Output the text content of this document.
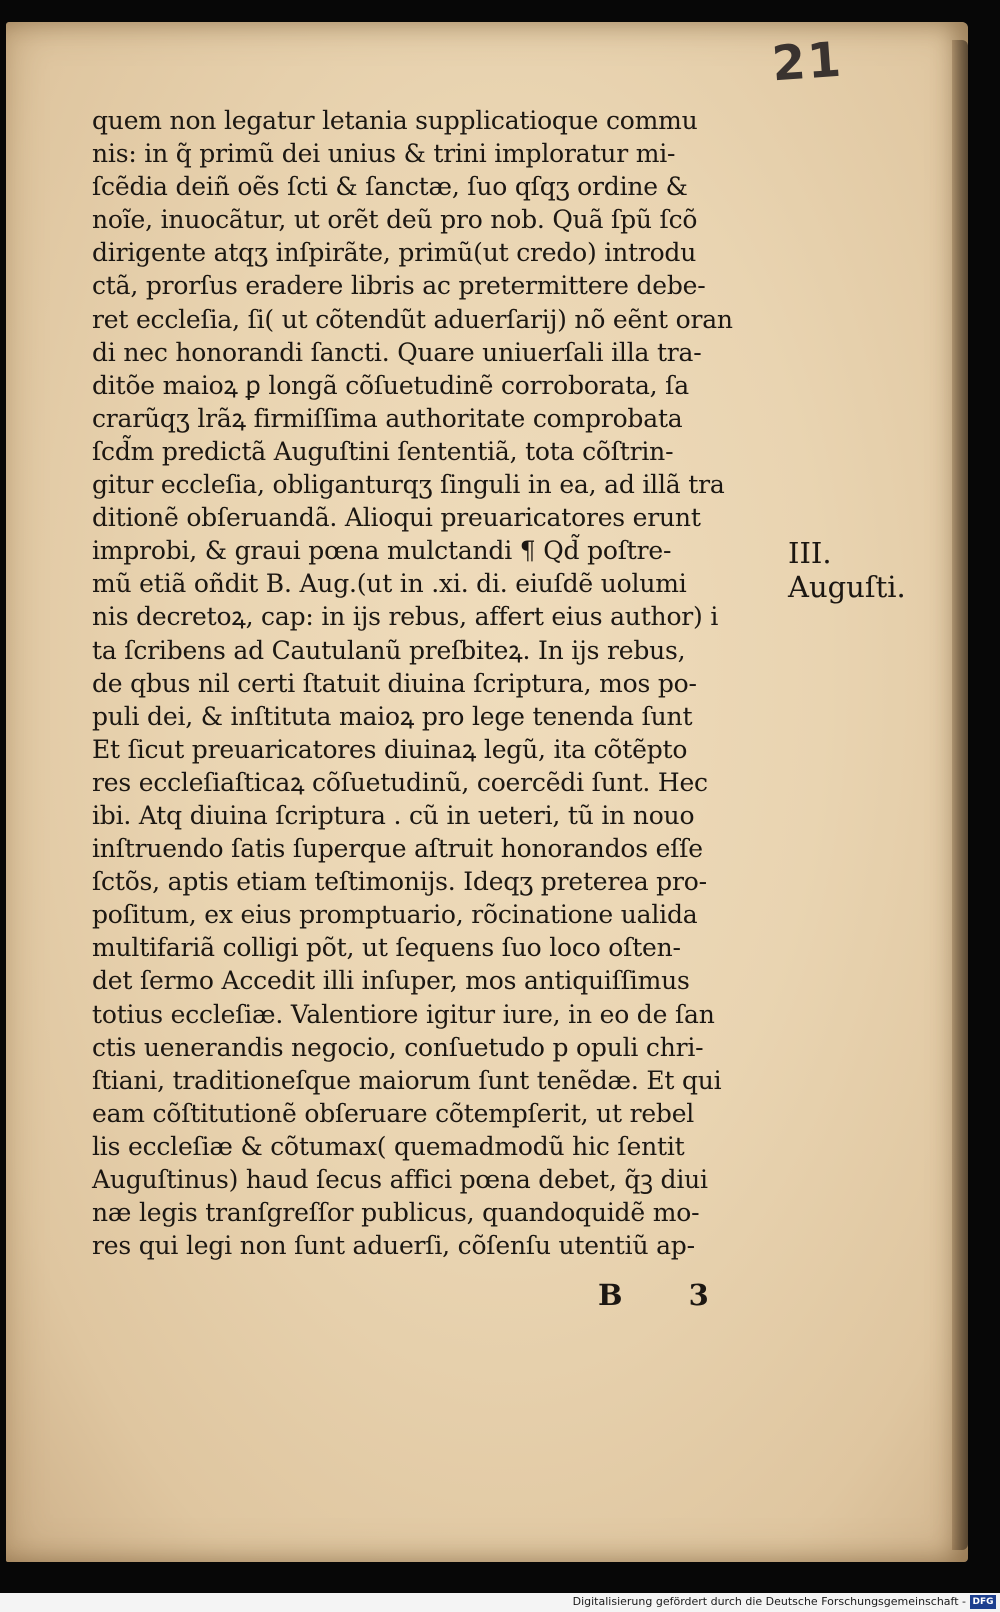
21
quem non legatur letania supplicatioque commu
nis: in q̃ primũ dei unius & trini imploratur mi-
ſcẽdia deiñ oẽs ſcti & ſanctæ, ſuo qſqʒ ordine &
noĩe, inuocãtur, ut orẽt deũ pro nob. Quã ſpũ ſcõ
dirigente atqʒ inſpirãte, primũ(ut credo) introdu
ctã, prorſus eradere libris ac pretermittere debe-
ret eccleſia, ſi( ut cõtendũt aduerſarij) nõ eẽnt oran
di nec honorandi ſancti. Quare uniuerſali illa tra-
ditõe maioꝝ ꝑ longã cõſuetudinẽ corroborata, ſa
crarũqʒ lrãꝝ firmiſſima authoritate comprobata
ſcd̃m predictã Auguſtini ſententiã, tota cõſtrin-
gitur eccleſia, obliganturqʒ ſinguli in ea, ad illã tra
ditionẽ obſeruandã. Alioqui preuaricatores erunt
improbi, & graui pœna mulctandi ¶ Qd̃ poſtre-
mũ etiã oñdit B. Aug.(ut in .xi. di. eiuſdẽ uolumi
nis decretoꝝ, cap: in ijs rebus, affert eius author) i
ta ſcribens ad Cautulanũ preſbiteꝝ. In ijs rebus,
de qbus nil certi ſtatuit diuina ſcriptura, mos po-
puli dei, & inſtituta maioꝝ pro lege tenenda ſunt
Et ſicut preuaricatores diuinaꝝ legũ, ita cõtẽpto
res eccleſiaſticaꝝ cõſuetudinũ, coercẽdi ſunt. Hec
ibi. Atq diuina ſcriptura . cũ in ueteri, tũ in nouo
inſtruendo ſatis ſuperque aſtruit honorandos eſſe
ſctõs, aptis etiam teſtimonijs. Ideqʒ preterea pro-
poſitum, ex eius promptuario, rõcinatione ualida
multifariã colligi põt, ut ſequens ſuo loco oſten-
det ſermo Accedit illi inſuper, mos antiquiſſimus
totius eccleſiæ. Valentiore igitur iure, in eo de ſan
ctis uenerandis negocio, conſuetudo p opuli chri-
ſtiani, traditioneſque maiorum ſunt tenẽdæ. Et qui
eam cõſtitutionẽ obſeruare cõtempſerit, ut rebel
lis eccleſiæ & cõtumax( quemadmodũ hic ſentit
Auguſtinus) haud ſecus affici pœna debet, q̃ꝫ diui
næ legis tranſgreſſor publicus, quandoquidẽ mo-
res qui legi non ſunt aduerſi, cõſenſu utentiũ ap-
B 3
III.
Auguſti.
Digitalisierung gefördert durch die Deutsche Forschungsgemeinschaft - DFG
